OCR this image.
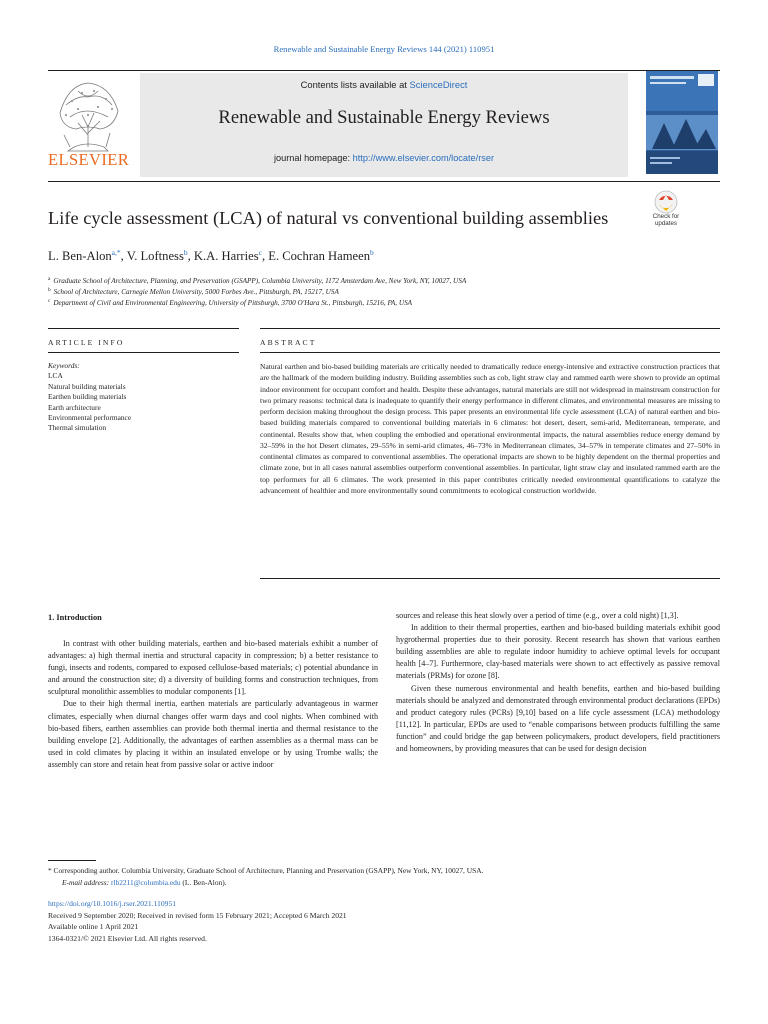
Renewable and Sustainable Energy Reviews 144 (2021) 110951
ELSEVIER
Contents lists available at ScienceDirect
Renewable and Sustainable Energy Reviews
journal homepage: http://www.elsevier.com/locate/rser
Life cycle assessment (LCA) of natural vs conventional building assemblies	Check for
updates
L. Ben-Alon$^{a,*}$, V. Loftness$^b$, K.A. Harries$^c$, E. Cochran Hameen$^b$
$^a$ Graduate School of Architecture, Planning, and Preservation (GSAPP), Columbia University, 1172 Amsterdam Ave, New York, NY, 10027, USA
$^b$ School of Architecture, Carnegie Mellon University, 5000 Forbes Ave., Pittsburgh, PA, 15217, USA
$^c$ Department of Civil and Environmental Engineering, University of Pittsburgh, 3700 O'Hara St., Pittsburgh, 15216, PA, USA
ARTICLE INFO	ABSTRACT
Keywords:
LCA
Natural building materials
Earthen building materials
Earth architecture
Environmental performance
Thermal simulation
Natural earthen and bio-based building materials are critically needed to dramatically reduce energy-intensive and extractive construction practices that are the hallmark of the modern building industry. Building assemblies such as cob, light straw clay and rammed earth were shown to provide an optimal indoor environment for occupant comfort and health. Despite these advantages, natural materials are still not widespread in mainstream construction for two primary reasons: technical data is inadequate to quantify their energy performance in different climates, and environmental measures are missing to perform decision making throughout the design process. This paper presents an environmental life cycle assessment (LCA) of natural earthen and bio-based building materials compared to conventional building materials in 6 climates: hot desert, desert, semi-arid, Mediterranean, temperate, and continental. Results show that, when coupling the embodied and operational environmental impacts, the natural assemblies reduce energy demand by 32–59% in the hot Desert climates, 29–55% in semi-arid climates, 46–73% in Mediterranean climates, 34–57% in temperate climates and 27–50% in continental climates as compared to conventional assemblies. The operational impacts are shown to be highly dependent on the thermal properties and climate zone, but in all cases natural assemblies outperform conventional assemblies. In particular, light straw clay and insulated rammed earth are the top performers for all 6 climates. The work presented in this paper contributes critically needed environmental quantifications to catalyze the advancement of healthier and more environmentally sound commitments to ecological construction worldwide.
1. Introduction

In contrast with other building materials, earthen and bio-based materials exhibit a number of advantages: a) high thermal inertia and structural capacity in compression; b) a better resistance to fungi, insects and rodents, compared to exposed cellulose-based materials; c) potential abundance in and around the construction site; d) a diversity of building forms and construction techniques, from sculptural monolithic assemblies to modular components [1].

Due to their high thermal inertia, earthen materials are particularly advantageous in warmer climates, especially when diurnal changes offer warm days and cool nights. When combined with bio-based fibers, earthen assemblies can provide both thermal inertia and thermal resistance to the building envelope [2]. Additionally, the advantages of earthen assemblies as a thermal mass can be used in cold climates by placing it within an insulated envelope or by using Trombe walls; the assembly can store and retain heat from passive solar or active indoor

sources and release this heat slowly over a period of time (e.g., over a cold night) [1,3].

In addition to their thermal properties, earthen and bio-based building materials exhibit good hygrothermal properties due to their porosity. Recent research has shown that various earthen building assemblies are able to regulate indoor humidity to achieve optimal levels for occupant health [4–7]. Furthermore, clay-based materials were shown to act effectively as passive removal materials (PRMs) for ozone [8].

Given these numerous environmental and health benefits, earthen and bio-based building materials should be analyzed and demonstrated through environmental product declarations (EPDs) and product category rules (PCRs) [9,10] based on a life cycle assessment (LCA) methodology [11,12]. In particular, EPDs are used to “enable comparisons between products fulfilling the same function” and could bridge the gap between policymakers, product developers, field practitioners and homeowners, by providing measures that can be used for design decision

* Corresponding author. Columbia University, Graduate School of Architecture, Planning and Preservation (GSAPP), New York, NY, 10027, USA.
E-mail address: rlb2211@columbia.edu (L. Ben-Alon).
https://doi.org/10.1016/j.rser.2021.110951
Received 9 September 2020; Received in revised form 15 February 2021; Accepted 6 March 2021
Available online 1 April 2021
1364-0321/© 2021 Elsevier Ltd. All rights reserved.
